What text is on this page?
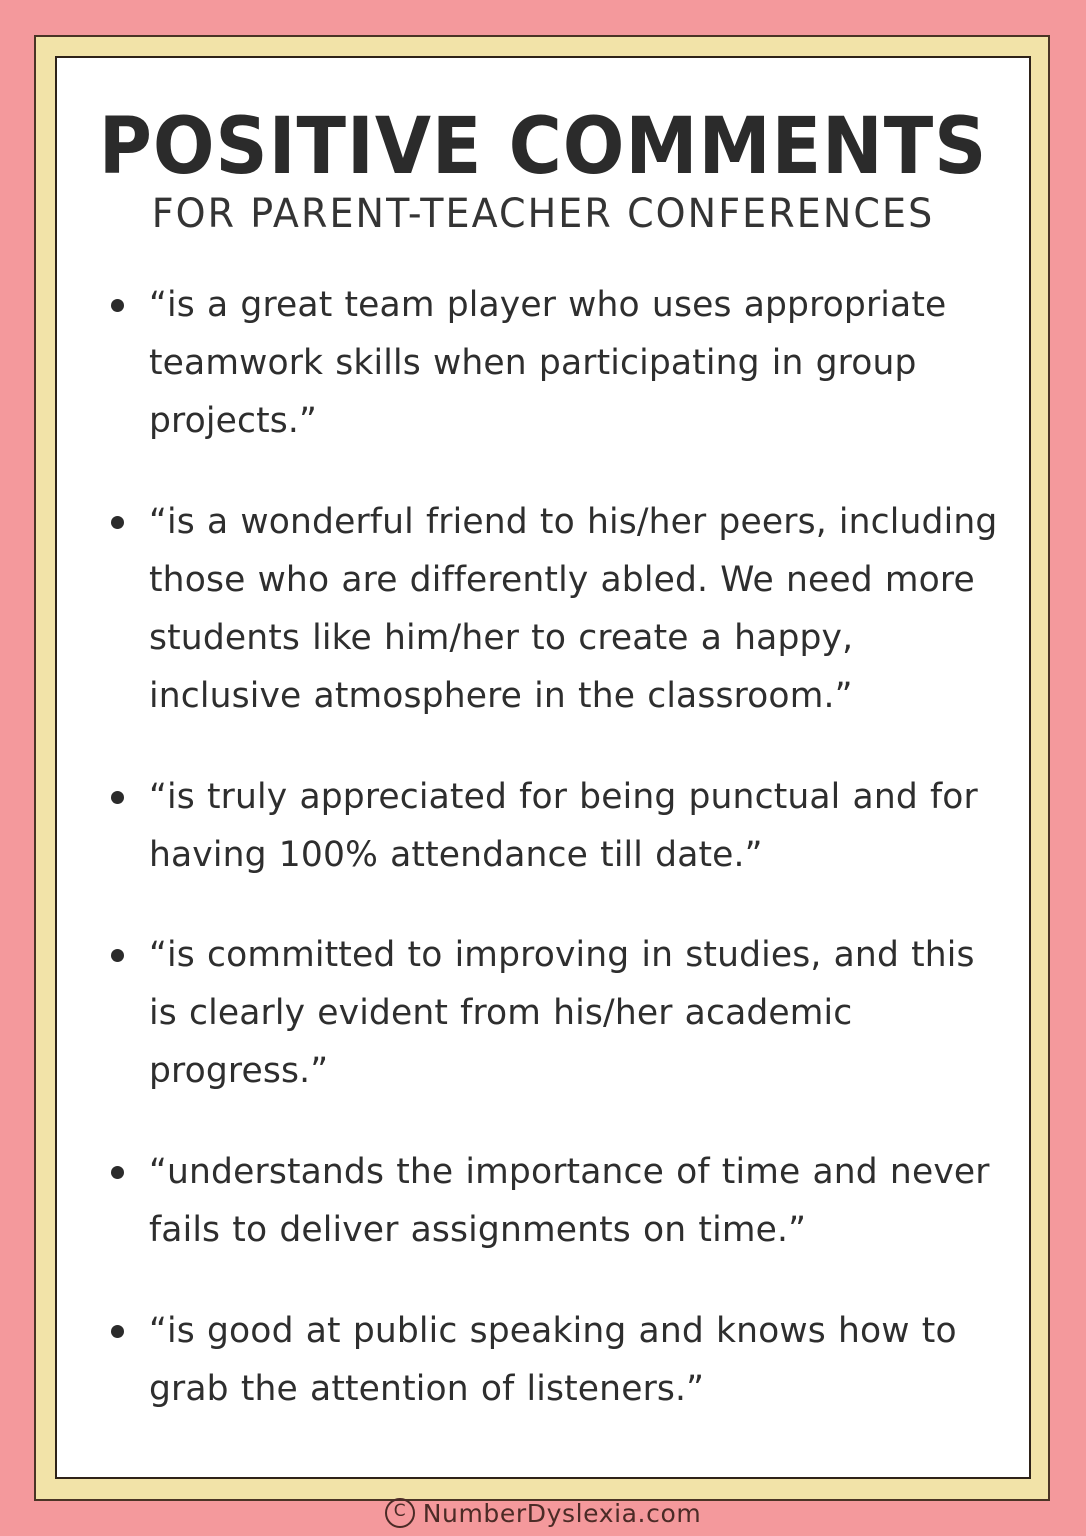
POSITIVE COMMENTS
FOR PARENT-TEACHER CONFERENCES
“is a great team player who uses appropriate teamwork skills when participating in group projects.”
“is a wonderful friend to his/her peers, including those who are differently abled. We need more students like him/her to create a happy, inclusive atmosphere in the classroom.”
“is truly appreciated for being punctual and for having 100% attendance till date.”
“is committed to improving in studies, and this is clearly evident from his/her academic progress.”
“understands the importance of time and never fails to deliver assignments on time.”
“is good at public speaking and knows how to grab the attention of listeners.”
C NumberDyslexia.com
